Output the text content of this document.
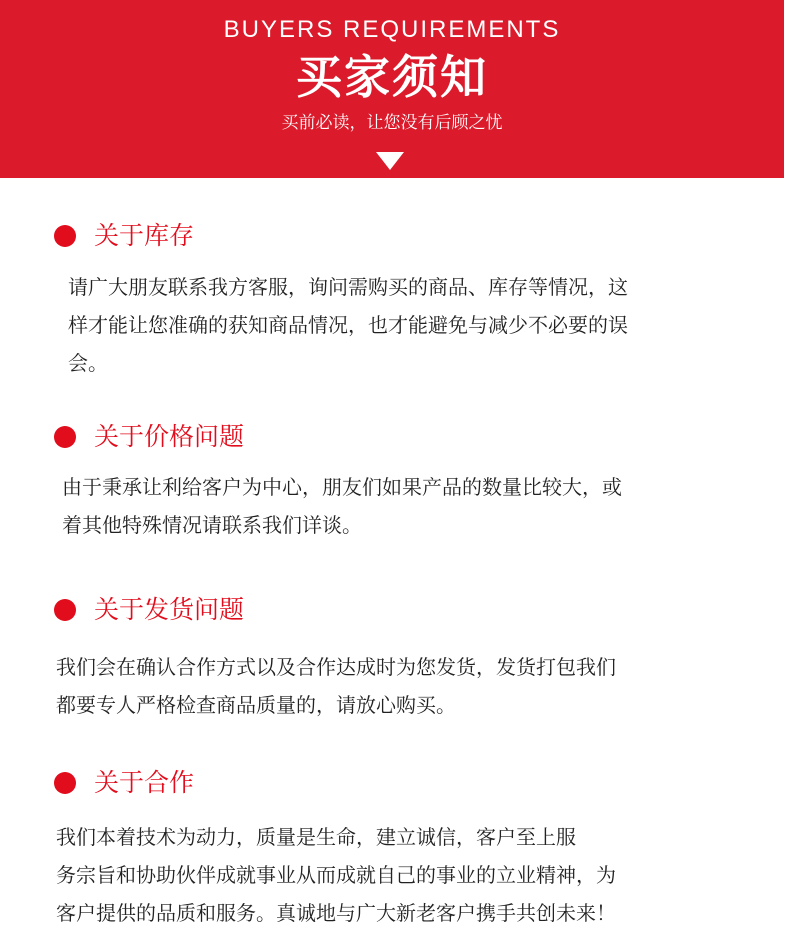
BUYERS REQUIREMENTS
买家须知
买前必读，让您没有后顾之忧
关于库存
请广大朋友联系我方客服，询问需购买的商品、库存等情况，这
样才能让您准确的获知商品情况，也才能避免与减少不必要的误
会。
关于价格问题
由于秉承让利给客户为中心，朋友们如果产品的数量比较大，或
着其他特殊情况请联系我们详谈。
关于发货问题
我们会在确认合作方式以及合作达成时为您发货，发货打包我们
都要专人严格检查商品质量的，请放心购买。
关于合作
我们本着技术为动力，质量是生命，建立诚信，客户至上服
务宗旨和协助伙伴成就事业从而成就自己的事业的立业精神，为
客户提供的品质和服务。真诚地与广大新老客户携手共创未来！
